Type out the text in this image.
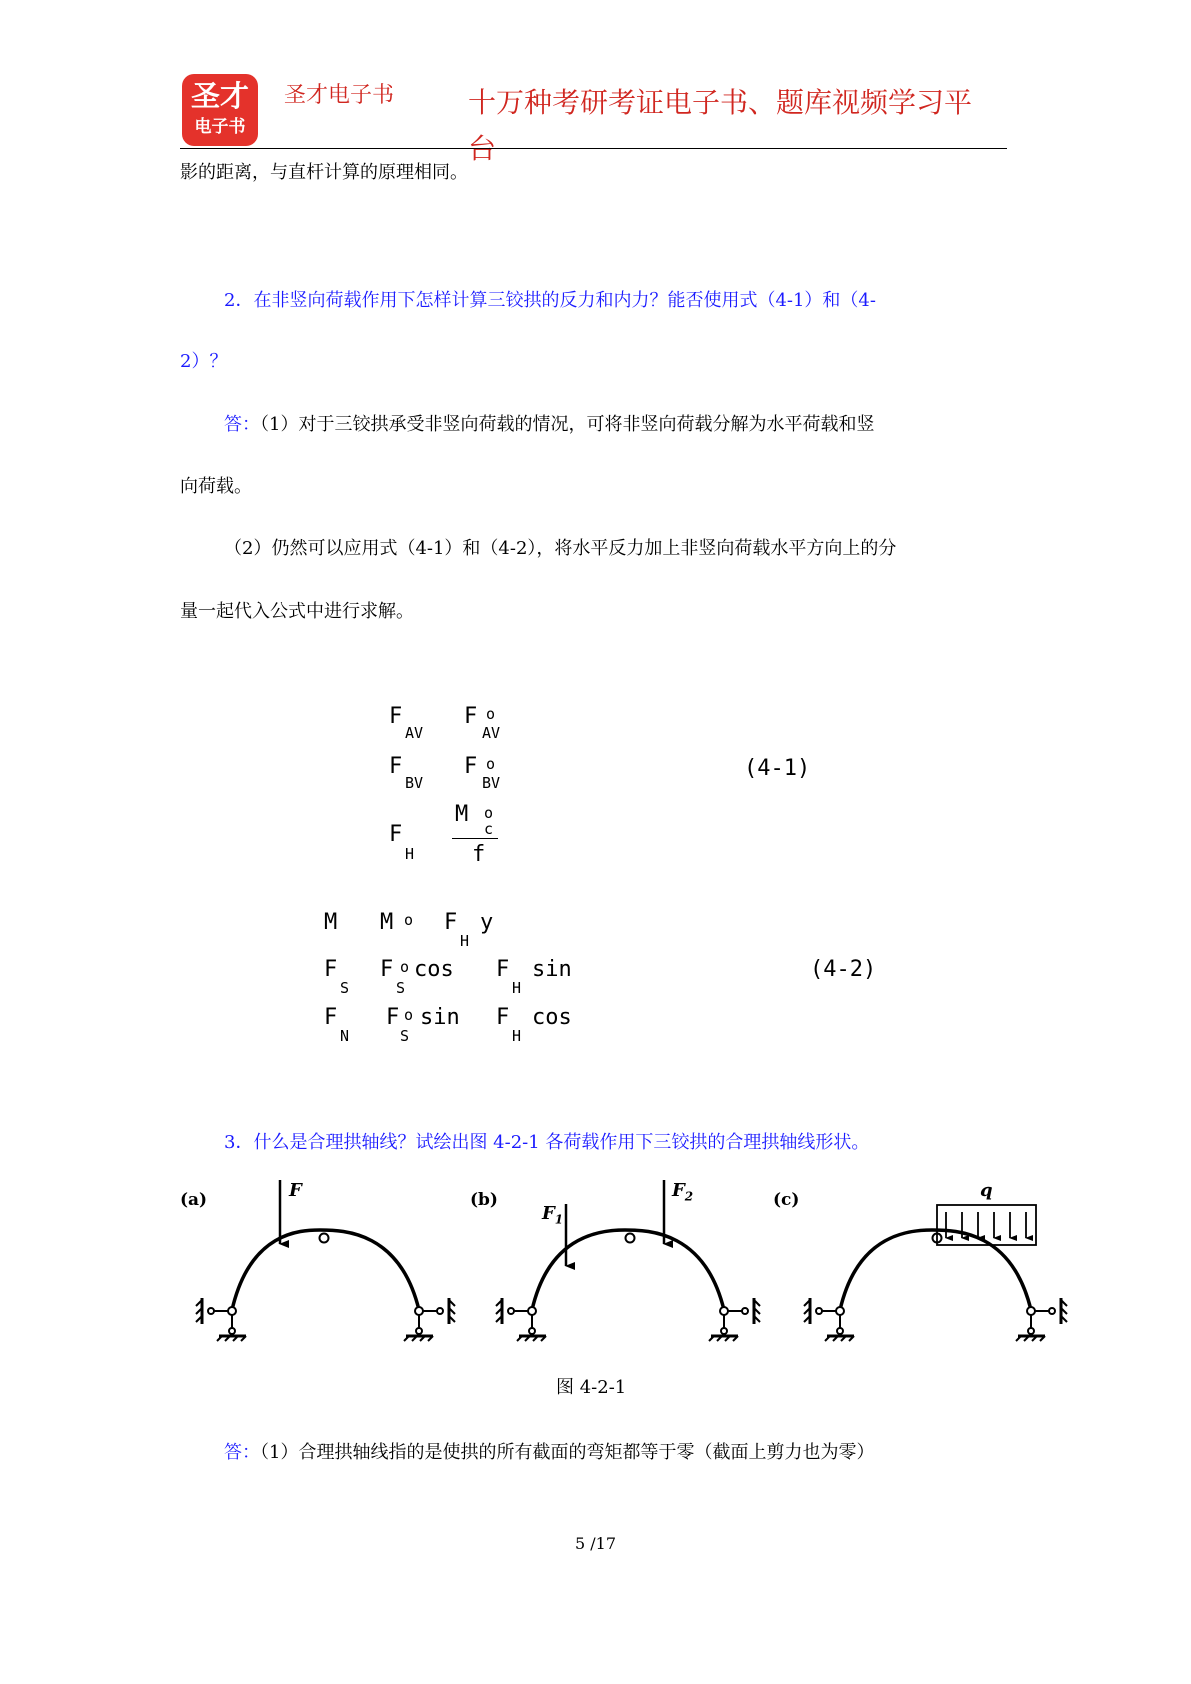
圣才
电子书
圣才电子书	十万种考研考证电子书、题库视频学习平台
影的距离，与直杆计算的原理相同。
2．在非竖向荷载作用下怎样计算三铰拱的反力和内力？能否使用式（4-1）和（4-
2）？
答：（1）对于三铰拱承受非竖向荷载的情况，可将非竖向荷载分解为水平荷载和竖
向荷载。
（2）仍然可以应用式（4-1）和（4-2），将水平反力加上非竖向荷载水平方向上的分
量一起代入公式中进行求解。
F
AV
F o
AV
F
BV
F o
BV
F
H
M o
c
f
(4-1)
M M o F
H
y
F
S
F o
S
cos F
H
sin
F
N
F o
S
sin F
H
cos
(4-2)
3．什么是合理拱轴线？试绘出图 4-2-1 各荷载作用下三铰拱的合理拱轴线形状。
(a)	(b)	(c)
F
$F_1$
$F_2$	q
图 4-2-1
答：（1）合理拱轴线指的是使拱的所有截面的弯矩都等于零（截面上剪力也为零）
5 /17
